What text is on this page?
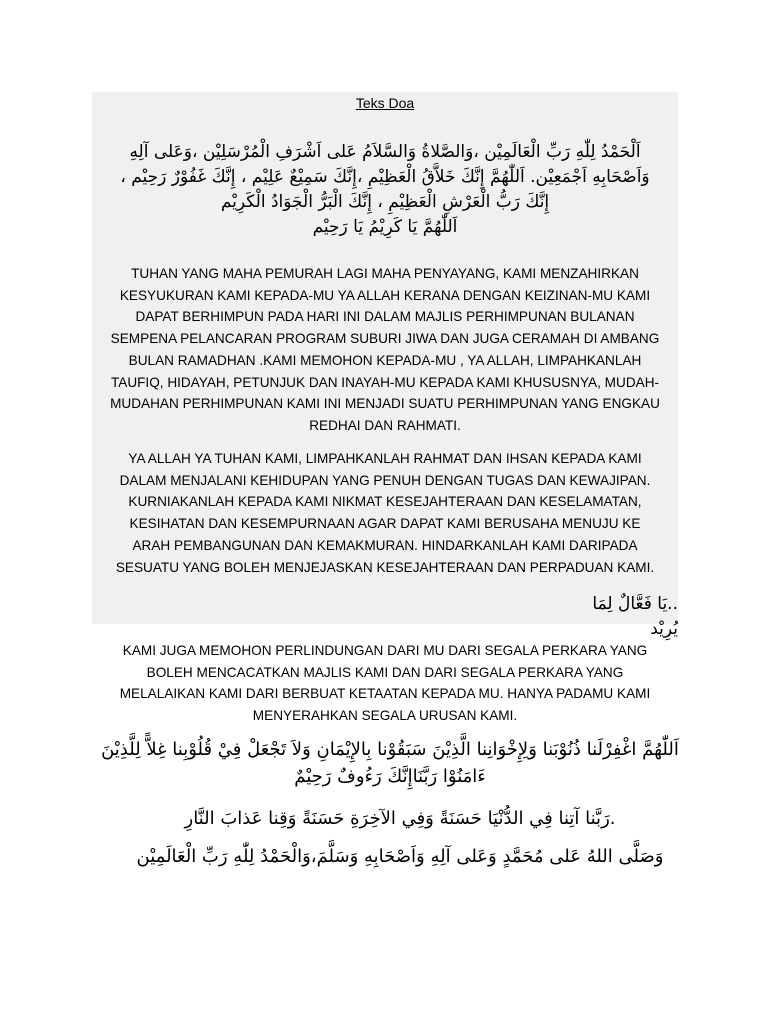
Teks Doa
اَلْحَمْدُ لِلّٰهِ رَبِّ الْعَالَمِيْن ،وَالصَّلاةُ وَالسَّلاَمُ عَلى اَشْرَفِ الْمُرْسَلِيْن ،وَعَلى آلِهِ
وَاَصْحَابِهِ اَجْمَعِيْن. اَللّٰهُمَّ إِنَّكَ خَلاَّقُ الْعَظِيْمِ ،إِنَّكَ سَمِيْعٌ عَلِيْم ، إِنَّكَ غَفُوْرٌ رَحِيْم ،
إِنَّكَ رَبُّ الْعَرْشِ الْعَظِيْمِ ، إِنَّكَ الْبَرُّ الْجَوَادُ الْكَرِيْم
اَللّٰهُمَّ يَا كَرِيْمُ يَا رَحِيْم
TUHAN YANG MAHA PEMURAH LAGI MAHA PENYAYANG, KAMI MENZAHIRKAN
KESYUKURAN KAMI KEPADA-MU YA ALLAH KERANA DENGAN KEIZINAN-MU KAMI
DAPAT BERHIMPUN PADA HARI INI DALAM MAJLIS PERHIMPUNAN BULANAN
SEMPENA PELANCARAN PROGRAM SUBURI JIWA DAN JUGA CERAMAH DI AMBANG
BULAN RAMADHAN .KAMI MEMOHON KEPADA-MU , YA ALLAH, LIMPAHKANLAH
TAUFIQ, HIDAYAH, PETUNJUK DAN INAYAH-MU KEPADA KAMI KHUSUSNYA, MUDAH-
MUDAHAN PERHIMPUNAN KAMI INI MENJADI SUATU PERHIMPUNAN YANG ENGKAU
REDHAI DAN RAHMATI.
YA ALLAH YA TUHAN KAMI, LIMPAHKANLAH RAHMAT DAN IHSAN KEPADA KAMI
DALAM MENJALANI KEHIDUPAN YANG PENUH DENGAN TUGAS DAN KEWAJIPAN.
KURNIAKANLAH KEPADA KAMI NIKMAT KESEJAHTERAAN DAN KESELAMATAN,
KESIHATAN DAN KESEMPURNAAN AGAR DAPAT KAMI BERUSAHA MENUJU KE
ARAH PEMBANGUNAN DAN KEMAKMURAN. HINDARKANLAH KAMI DARIPADA
SESUATU YANG BOLEH MENJEJASKAN KESEJAHTERAAN DAN PERPADUAN KAMI.
..يَا فَعَّالٌ لِمَا يُرِيْد
KAMI JUGA MEMOHON PERLINDUNGAN DARI MU DARI SEGALA PERKARA YANG
BOLEH MENCACATKAN MAJLIS KAMI DAN DARI SEGALA PERKARA YANG
MELALAIKAN KAMI DARI BERBUAT KETAATAN KEPADA MU. HANYA PADAMU KAMI
MENYERAHKAN SEGALA URUSAN KAMI.
اَللّٰهُمَّ اغْفِرْلَنا ذُنُوْبَنا وَلِإِخْوَانِنا الَّذِيْنَ سَبَقُوْنا بِالإِيْمَانِ وَلاَ تَجْعَلْ فِيْ قُلُوْبِنا غِلاًّ لِلَّذِيْنَ
ءَامَنُوْا رَبَّنَاإِنَّكَ رَءُوفٌ رَحِيْمٌ
.رَبَّنا آتِنا فِي الدُّنْيَا حَسَنَةً وَفِي الآخِرَةِ حَسَنَةً وَقِنا عَذابَ النَّارِ
وَصَلَّى اللهُ عَلى مُحَمَّدٍ وَعَلى آلِهِ وَاَصْحَابِهِ وَسَلَّمَ،وَالْحَمْدُ لِلّٰهِ رَبِّ الْعَالَمِيْن
